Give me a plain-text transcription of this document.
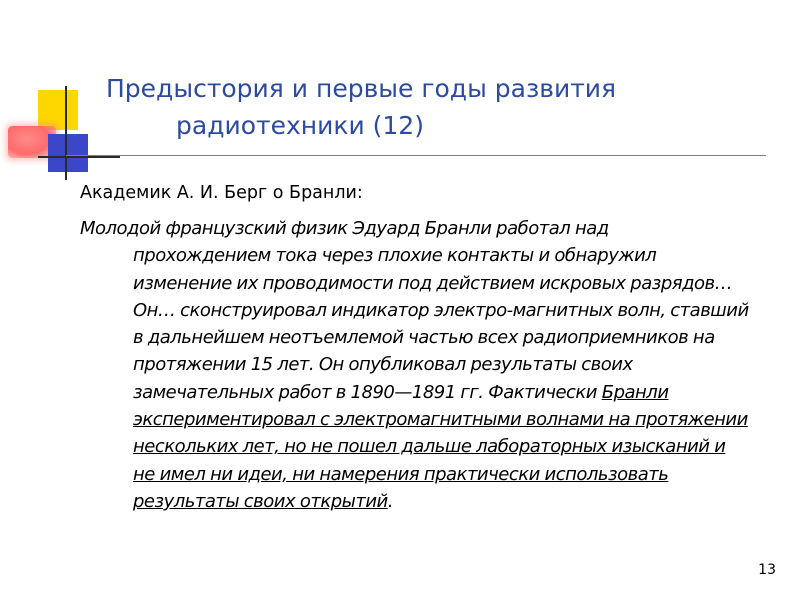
Предыстория и первые годы развития
радиотехники (12)

Академик А. И. Берг о Бранли:

Молодой французский физик Эдуард Бранли работал над прохождением тока через плохие контакты и обнаружил изменение их проводимости под действием искровых разрядов… Он… сконструировал индикатор электро-магнитных волн, ставший в дальнейшем неотъемлемой частью всех радиоприемников на протяжении 15 лет. Он опубликовал результаты своих замечательных работ в 1890—1891 гг. Фактически Бранли экспериментировал с электромагнитными волнами на протяжении нескольких лет, но не пошел дальше лабораторных изысканий и не имел ни идеи, ни намерения практически использовать результаты своих открытий.

13
